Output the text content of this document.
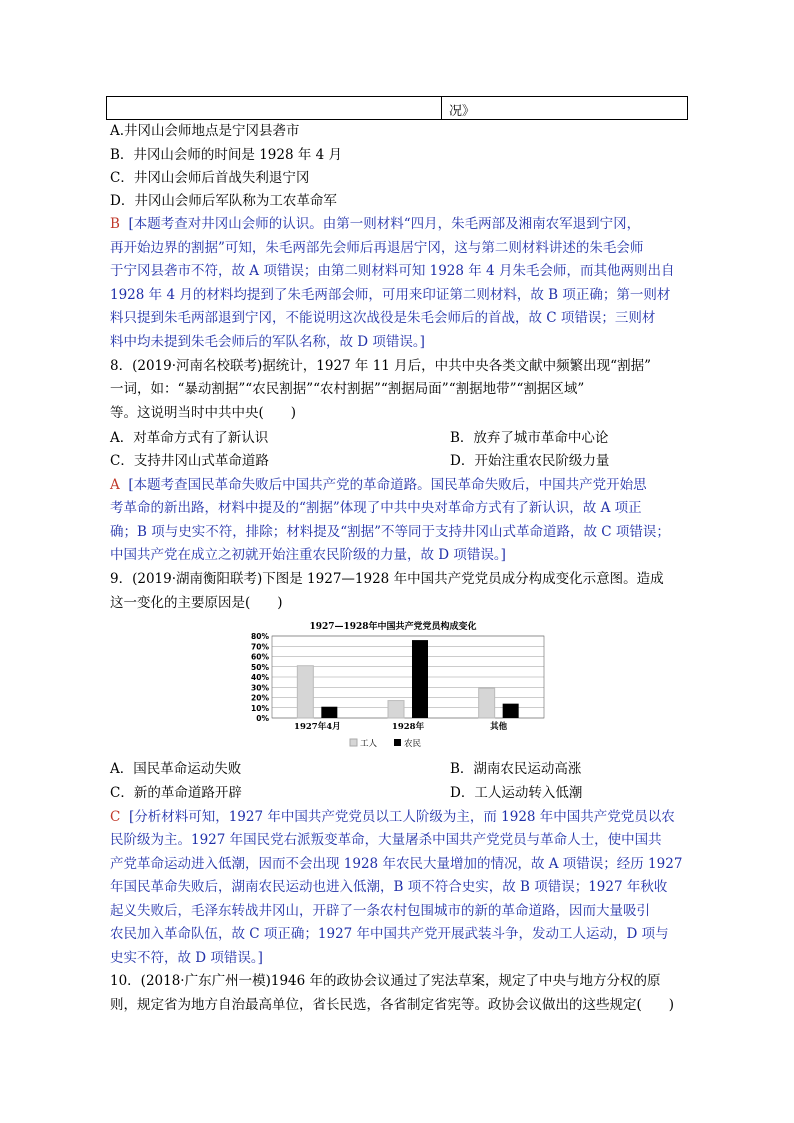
况》
A.井冈山会师地点是宁冈县砻市
B．井冈山会师的时间是 1928 年 4 月
C．井冈山会师后首战失利退宁冈
D．井冈山会师后军队称为工农革命军
B [本题考查对井冈山会师的认识。由第一则材料“四月，朱毛两部及湘南农军退到宁冈，
再开始边界的割据”可知，朱毛两部先会师后再退居宁冈，这与第二则材料讲述的朱毛会师
于宁冈县砻市不符，故 A 项错误；由第二则材料可知 1928 年 4 月朱毛会师，而其他两则出自
1928 年 4 月的材料均提到了朱毛两部会师，可用来印证第二则材料，故 B 项正确；第一则材
料只提到朱毛两部退到宁冈，不能说明这次战役是朱毛会师后的首战，故 C 项错误；三则材
料中均未提到朱毛会师后的军队名称，故 D 项错误。]
8．(2019·河南名校联考)据统计，1927 年 11 月后，中共中央各类文献中频繁出现“割据”
一词，如：“暴动割据”“农民割据”“农村割据”“割据局面”“割据地带”“割据区域”
等。这说明当时中共中央(　　)
A．对革命方式有了新认识	B．放弃了城市革命中心论
C．支持井冈山式革命道路	D．开始注重农民阶级力量
A [本题考查国民革命失败后中国共产党的革命道路。国民革命失败后，中国共产党开始思
考革命的新出路，材料中提及的“割据”体现了中共中央对革命方式有了新认识，故 A 项正
确；B 项与史实不符，排除；材料提及“割据”不等同于支持井冈山式革命道路，故 C 项错误；
中国共产党在成立之初就开始注重农民阶级的力量，故 D 项错误。]
9．(2019·湖南衡阳联考)下图是 1927—1928 年中国共产党党员成分构成变化示意图。造成
这一变化的主要原因是(　　)
1927—1928年中国共产党党员构成变化
80%
70%
60%
50%
40%
30%
20%
10%
0%
1927年4月	1928年	其他
工人	农民
A．国民革命运动失败	B．湖南农民运动高涨
C．新的革命道路开辟	D．工人运动转入低潮
C [分析材料可知，1927 年中国共产党党员以工人阶级为主，而 1928 年中国共产党党员以农
民阶级为主。1927 年国民党右派叛变革命，大量屠杀中国共产党党员与革命人士，使中国共
产党革命运动进入低潮，因而不会出现 1928 年农民大量增加的情况，故 A 项错误；经历 1927
年国民革命失败后，湖南农民运动也进入低潮，B 项不符合史实，故 B 项错误；1927 年秋收
起义失败后，毛泽东转战井冈山，开辟了一条农村包围城市的新的革命道路，因而大量吸引
农民加入革命队伍，故 C 项正确；1927 年中国共产党开展武装斗争，发动工人运动，D 项与
史实不符，故 D 项错误。]
10．(2018·广东广州一模)1946 年的政协会议通过了宪法草案，规定了中央与地方分权的原
则，规定省为地方自治最高单位，省长民选，各省制定省宪等。政协会议做出的这些规定(　　)
